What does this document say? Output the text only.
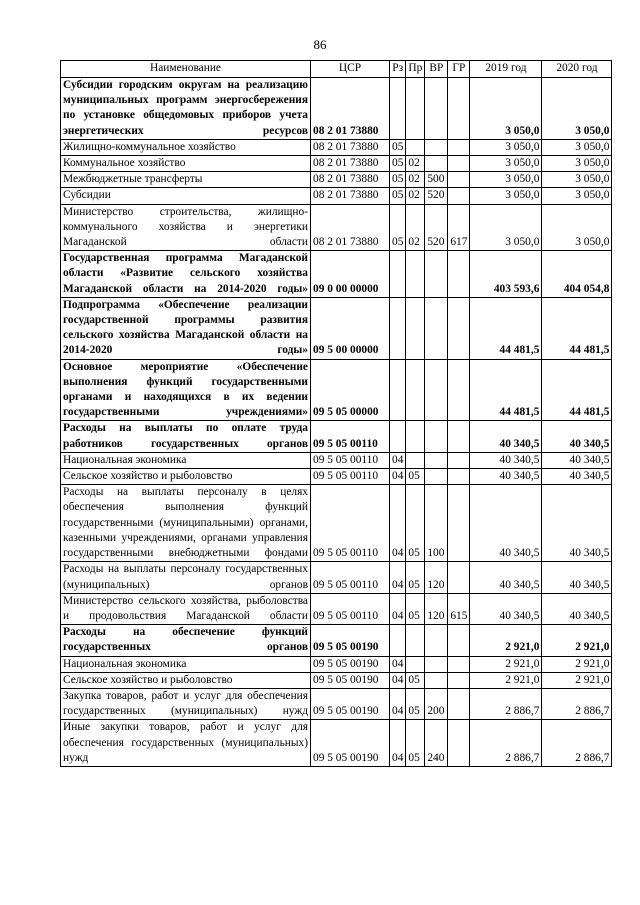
86
Наименование	ЦСР	Рз	Пр	ВР	ГР	2019 год	2020 год
Субсидии городским округам на реализацию муниципальных программ энергосбережения по установке общедомовых приборов учета энергетических ресурсов	08 2 01 73880					3 050,0	3 050,0
Жилищно-коммунальное хозяйство	08 2 01 73880	05				3 050,0	3 050,0
Коммунальное хозяйство	08 2 01 73880	05	02			3 050,0	3 050,0
Межбюджетные трансферты	08 2 01 73880	05	02	500		3 050,0	3 050,0
Субсидии	08 2 01 73880	05	02	520		3 050,0	3 050,0
Министерство строительства, жилищно-коммунального хозяйства и энергетики Магаданской области	08 2 01 73880	05	02	520	617	3 050,0	3 050,0
Государственная программа Магаданской области «Развитие сельского хозяйства Магаданской области на 2014-2020 годы»	09 0 00 00000					403 593,6	404 054,8
Подпрограмма «Обеспечение реализации государственной программы развития сельского хозяйства Магаданской области на 2014-2020 годы»	09 5 00 00000					44 481,5	44 481,5
Основное мероприятие «Обеспечение выполнения функций государственными органами и находящихся в их ведении государственными учреждениями»	09 5 05 00000					44 481,5	44 481,5
Расходы на выплаты по оплате труда работников государственных органов	09 5 05 00110					40 340,5	40 340,5
Национальная экономика	09 5 05 00110	04				40 340,5	40 340,5
Сельское хозяйство и рыболовство	09 5 05 00110	04	05			40 340,5	40 340,5
Расходы на выплаты персоналу в целях обеспечения выполнения функций государственными (муниципальными) органами, казенными учреждениями, органами управления государственными внебюджетными фондами	09 5 05 00110	04	05	100		40 340,5	40 340,5
Расходы на выплаты персоналу государственных (муниципальных) органов	09 5 05 00110	04	05	120		40 340,5	40 340,5
Министерство сельского хозяйства, рыболовства и продовольствия Магаданской области	09 5 05 00110	04	05	120	615	40 340,5	40 340,5
Расходы на обеспечение функций государственных органов	09 5 05 00190					2 921,0	2 921,0
Национальная экономика	09 5 05 00190	04				2 921,0	2 921,0
Сельское хозяйство и рыболовство	09 5 05 00190	04	05			2 921,0	2 921,0
Закупка товаров, работ и услуг для обеспечения государственных (муниципальных) нужд	09 5 05 00190	04	05	200		2 886,7	2 886,7
Иные закупки товаров, работ и услуг для обеспечения государственных (муниципальных) нужд	09 5 05 00190	04	05	240		2 886,7	2 886,7
